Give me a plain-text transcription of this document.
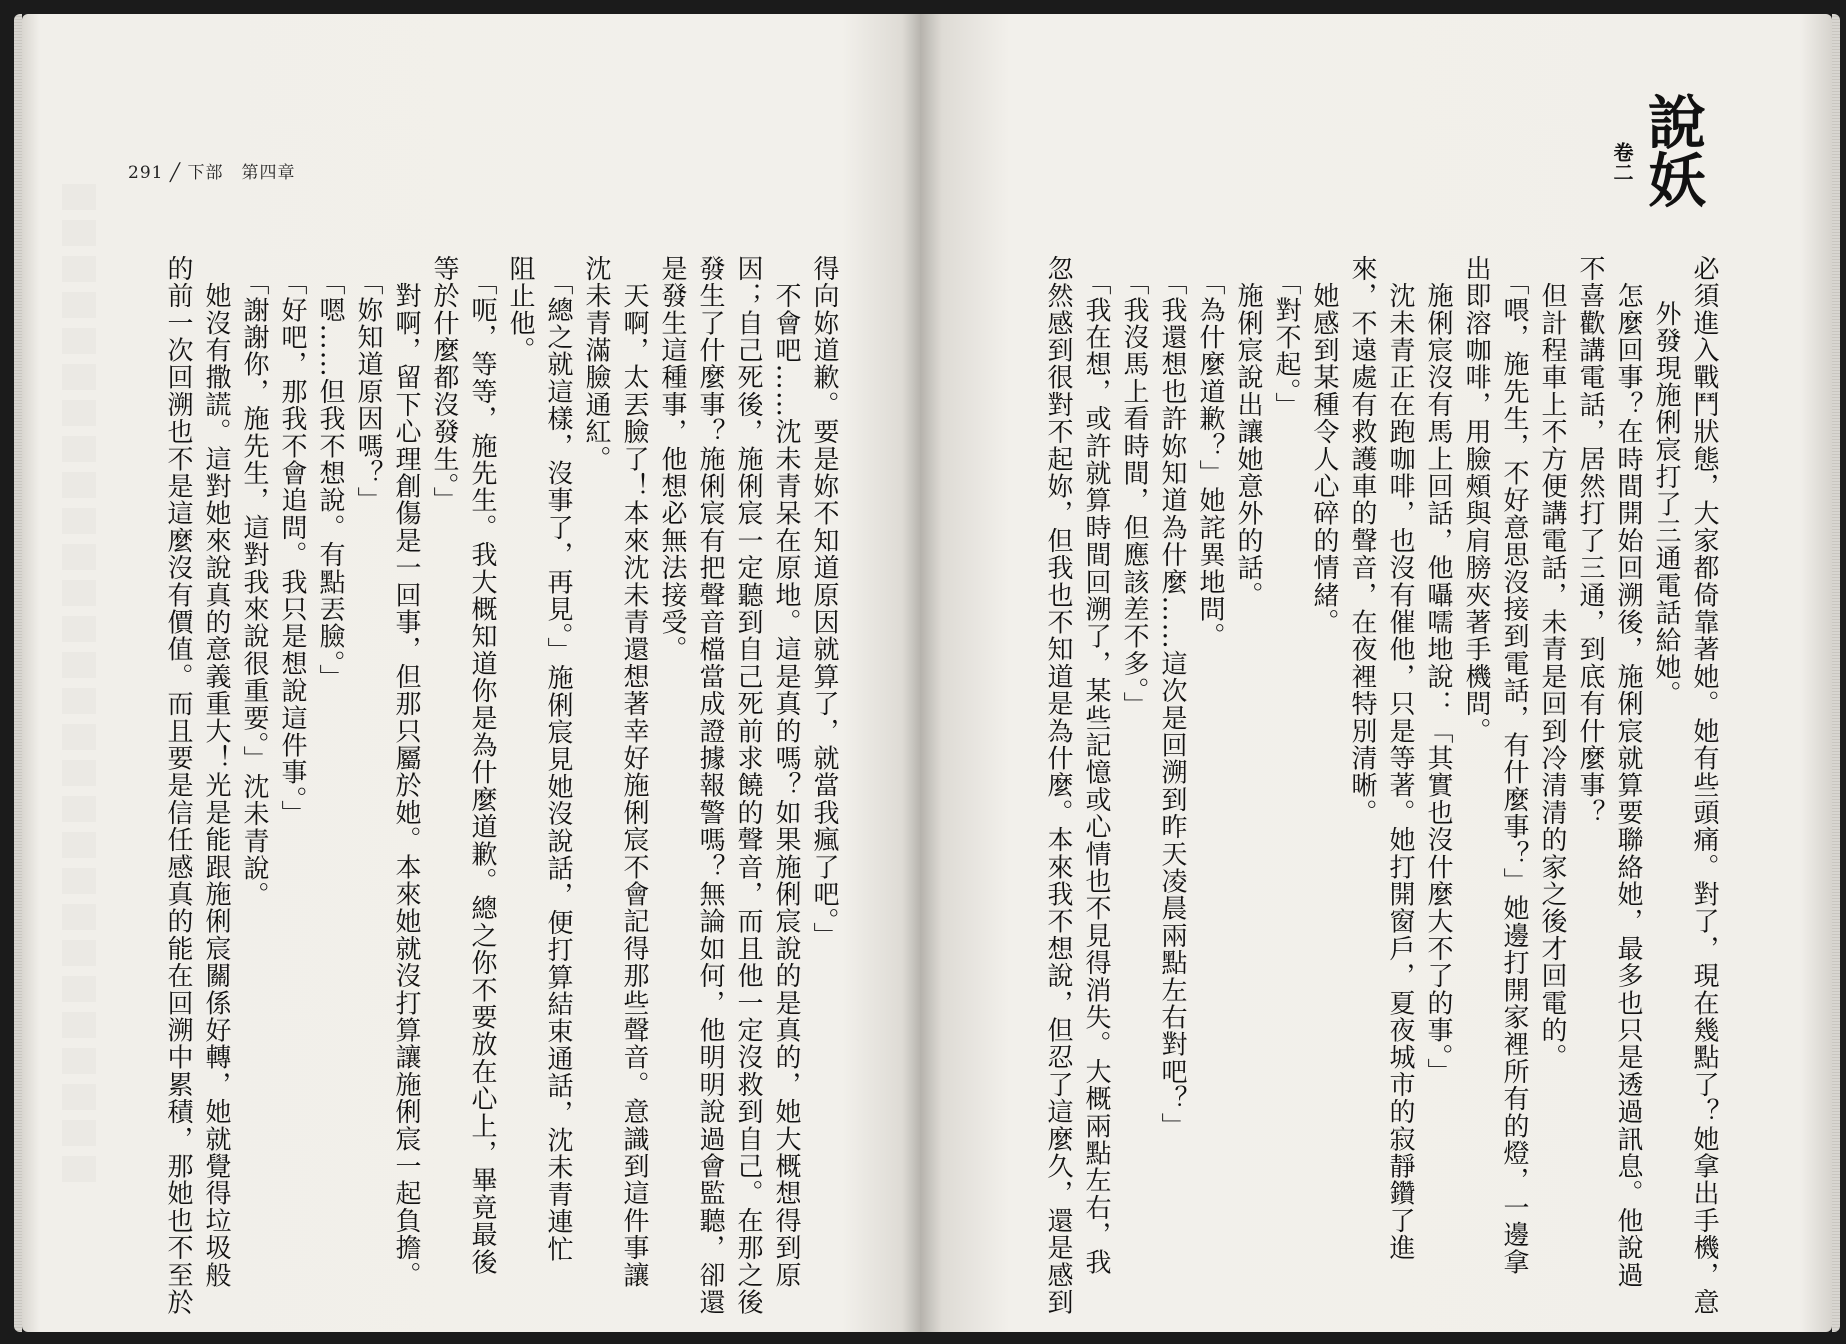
291 ╱ 下部　第四章	說妖
卷二
得向妳道歉。要是妳不知道原因就算了，就當我瘋了吧。」
　不會吧……沈未青呆在原地。這是真的嗎？如果施俐宸說的是真的，她大概想得到原
因；自己死後，施俐宸一定聽到自己死前求饒的聲音，而且他一定沒救到自己。在那之後
發生了什麼事？施俐宸有把聲音檔當成證據報警嗎？無論如何，他明明說過會監聽，卻還
是發生這種事，他想必無法接受。
　天啊，太丟臉了！本來沈未青還想著幸好施俐宸不會記得那些聲音。意識到這件事讓
沈未青滿臉通紅。
　「總之就這樣，沒事了，再見。」施俐宸見她沒說話，便打算結束通話，沈未青連忙
阻止他。
　「呃，等等，施先生。我大概知道你是為什麼道歉。總之你不要放在心上，畢竟最後
等於什麼都沒發生。」
　對啊，留下心理創傷是一回事，但那只屬於她。本來她就沒打算讓施俐宸一起負擔。
　「妳知道原因嗎？」
　「嗯……但我不想說。有點丟臉。」
　「好吧，那我不會追問。我只是想說這件事。」
　「謝謝你，施先生，這對我來說很重要。」沈未青說。
　她沒有撒謊。這對她來說真的意義重大！光是能跟施俐宸關係好轉，她就覺得垃圾般
的前一次回溯也不是這麼沒有價值。而且要是信任感真的能在回溯中累積，那她也不至於	必須進入戰鬥狀態，大家都倚靠著她。她有些頭痛。對了，現在幾點了？她拿出手機，意
外發現施俐宸打了三通電話給她。
　怎麼回事？在時間開始回溯後，施俐宸就算要聯絡她，最多也只是透過訊息。他說過
不喜歡講電話，居然打了三通，到底有什麼事？
　但計程車上不方便講電話，未青是回到冷清清的家之後才回電的。
　「喂，施先生，不好意思沒接到電話，有什麼事？」她邊打開家裡所有的燈，一邊拿
出即溶咖啡，用臉頰與肩膀夾著手機問。
　施俐宸沒有馬上回話，他囁嚅地說：「其實也沒什麼大不了的事。」
　沈未青正在跑咖啡，也沒有催他，只是等著。她打開窗戶，夏夜城市的寂靜鑽了進
來，不遠處有救護車的聲音，在夜裡特別清晰。
　她感到某種令人心碎的情緒。
　「對不起。」
　施俐宸說出讓她意外的話。
　「為什麼道歉？」她詫異地問。
　「我還想也許妳知道為什麼……這次是回溯到昨天凌晨兩點左右對吧？」
　「我沒馬上看時間，但應該差不多。」
　「我在想，或許就算時間回溯了，某些記憶或心情也不見得消失。大概兩點左右，我
忽然感到很對不起妳，但我也不知道是為什麼。本來我不想說，但忍了這麼久，還是感到
